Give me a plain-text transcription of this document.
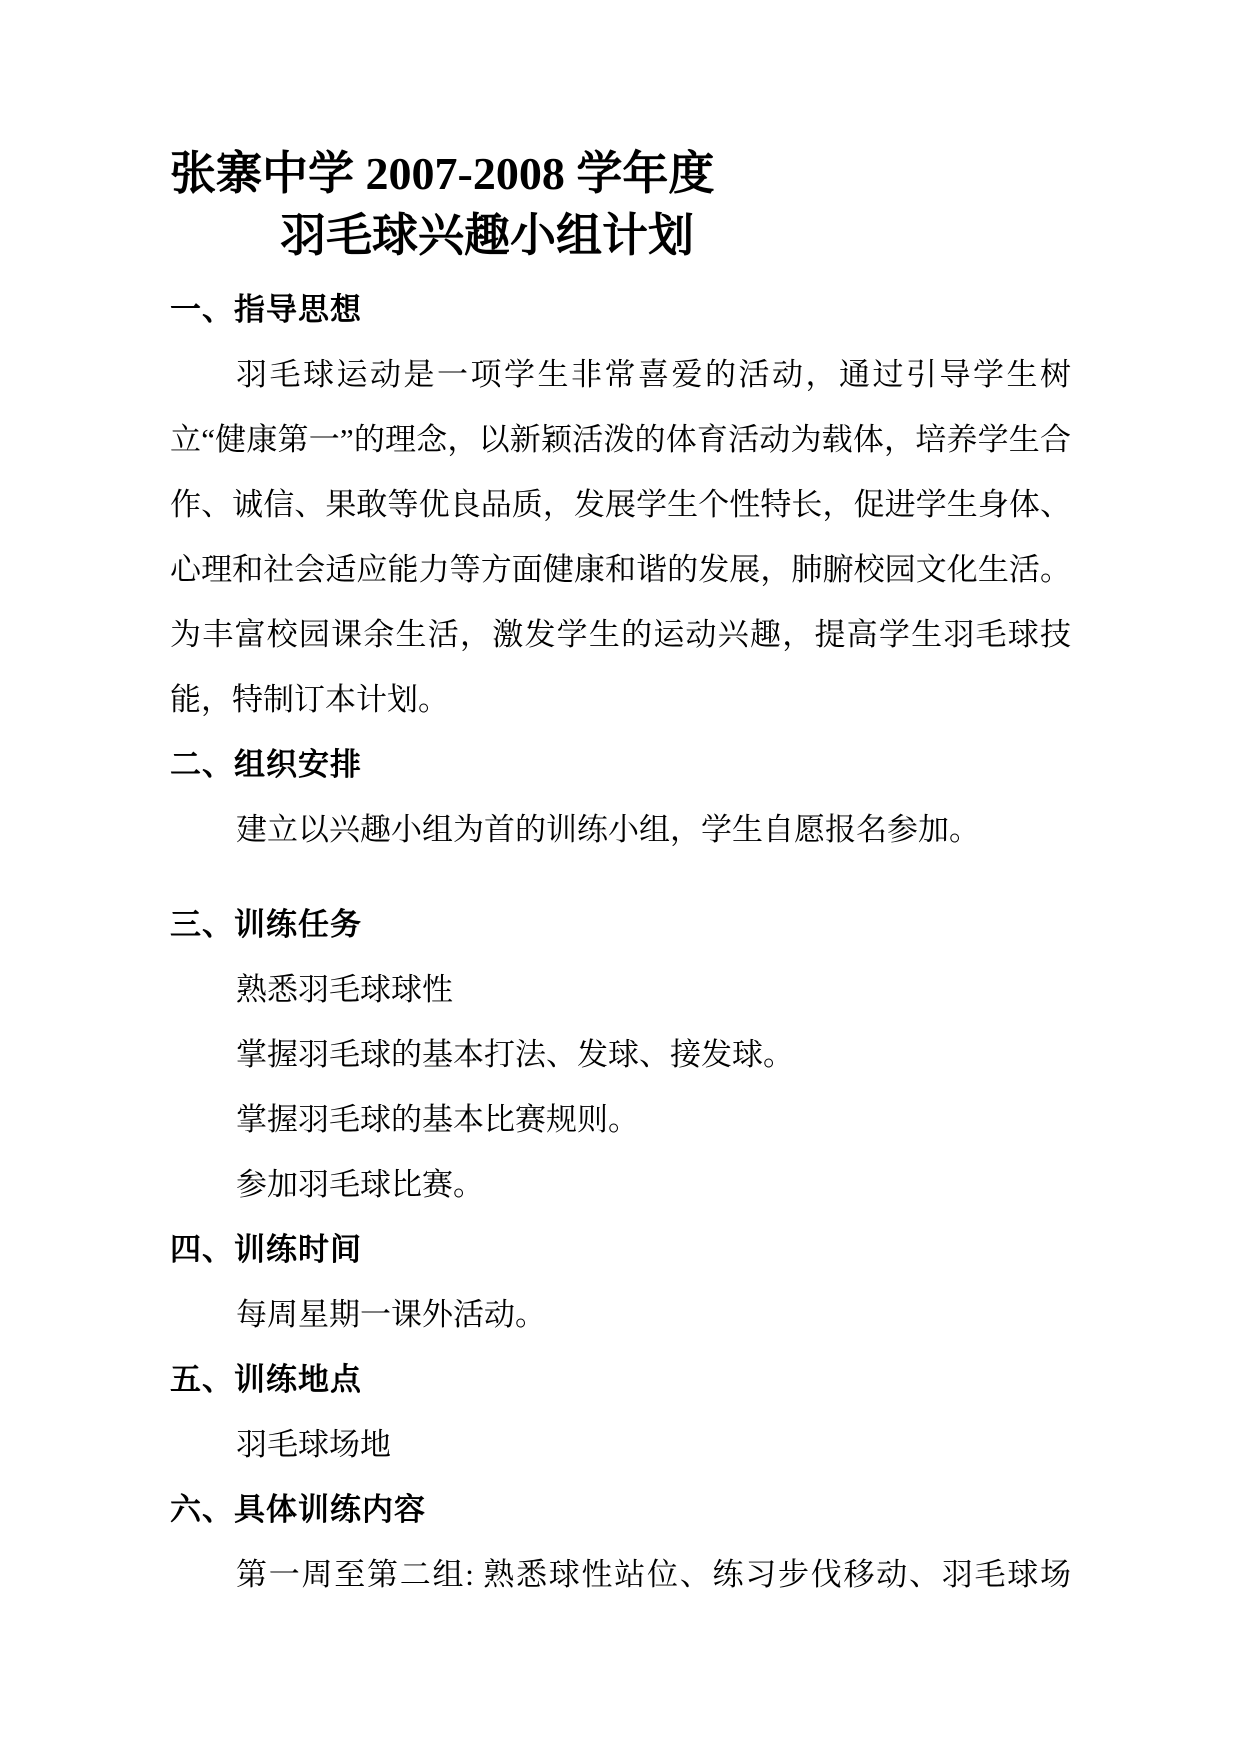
张寨中学 2007-2008 学年度
羽毛球兴趣小组计划
一、指导思想

羽毛球运动是一项学生非常喜爱的活动，通过引导学生树立“健康第一”的理念，以新颖活泼的体育活动为载体，培养学生合作、诚信、果敢等优良品质，发展学生个性特长，促进学生身体、心理和社会适应能力等方面健康和谐的发展，肺腑校园文化生活。为丰富校园课余生活，激发学生的运动兴趣，提高学生羽毛球技能，特制订本计划。

二、组织安排

建立以兴趣小组为首的训练小组，学生自愿报名参加。

三、训练任务

熟悉羽毛球球性

掌握羽毛球的基本打法、发球、接发球。

掌握羽毛球的基本比赛规则。

参加羽毛球比赛。

四、训练时间

每周星期一课外活动。

五、训练地点

羽毛球场地

六、具体训练内容

第一周至第二组: 熟悉球性站位、练习步伐移动、羽毛球场
